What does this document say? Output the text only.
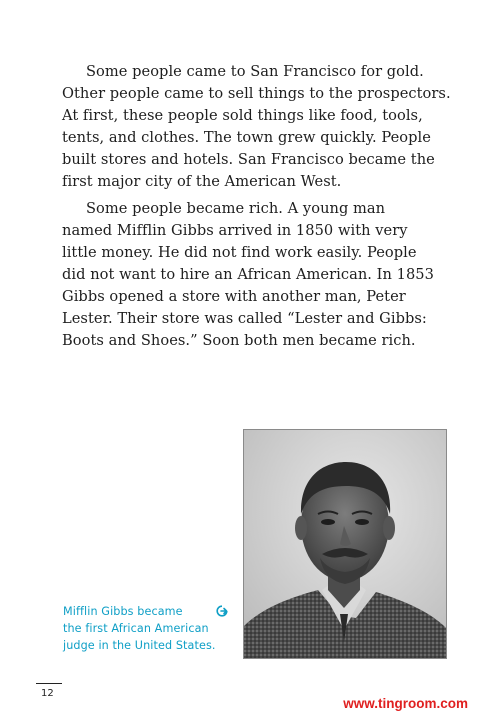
Some people came to San Francisco for gold.
Other people came to sell things to the prospectors.
At first, these people sold things like food, tools,
tents, and clothes. The town grew quickly. People
built stores and hotels. San Francisco became the
first major city of the American West.
Some people became rich. A young man
named Mifflin Gibbs arrived in 1850 with very
little money. He did not find work easily. People
did not want to hire an African American. In 1853
Gibbs opened a store with another man, Peter
Lester. Their store was called “Lester and Gibbs:
Boots and Shoes.” Soon both men became rich.
Mifflin Gibbs became
the first African American
judge in the United States.
12
www.tingroom.com
